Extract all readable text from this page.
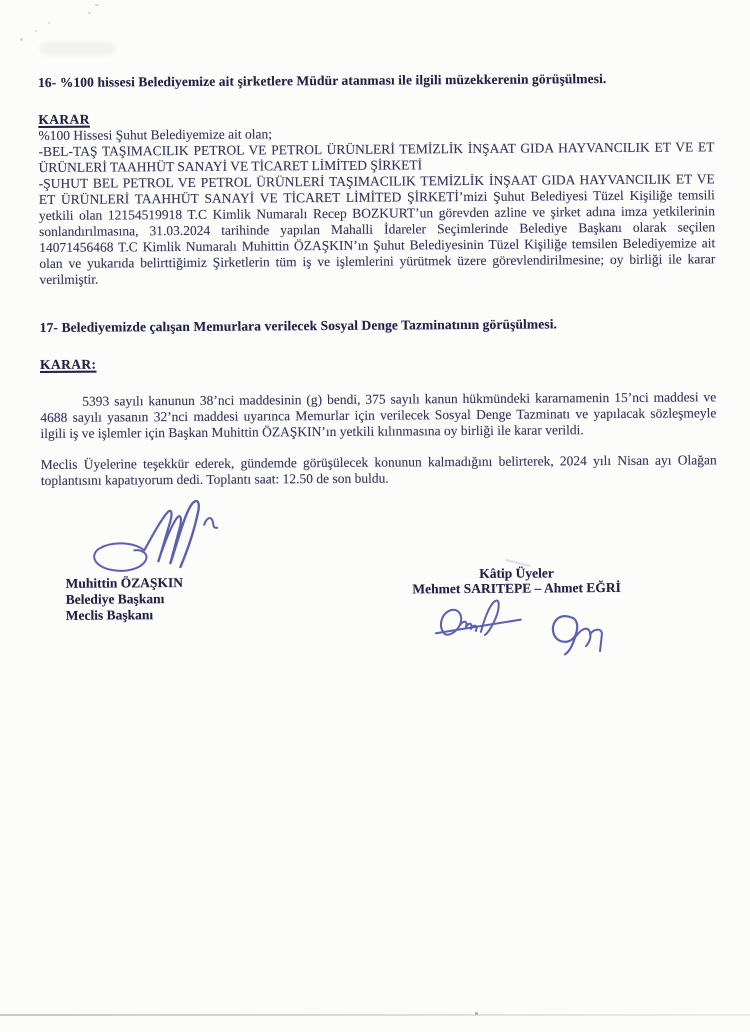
16- %100 hissesi Belediyemize ait şirketlere Müdür atanması ile ilgili müzekkerenin görüşülmesi.

KARAR

%100 Hissesi Şuhut Belediyemize ait olan;

-BEL-TAŞ TAŞIMACILIK PETROL VE PETROL ÜRÜNLERİ TEMİZLİK İNŞAAT GIDA HAYVANCILIK ET VE ET ÜRÜNLERİ TAAHHÜT SANAYİ VE TİCARET LİMİTED ŞİRKETİ

-ŞUHUT BEL PETROL VE PETROL ÜRÜNLERİ TAŞIMACILIK TEMİZLİK İNŞAAT GIDA HAYVANCILIK ET VE ET ÜRÜNLERİ TAAHHÜT SANAYİ VE TİCARET LİMİTED ŞİRKETİ’mizi Şuhut Belediyesi Tüzel Kişiliğe temsili yetkili olan 12154519918 T.C Kimlik Numaralı Recep BOZKURT’un görevden azline ve şirket adına imza yetkilerinin sonlandırılmasına, 31.03.2024 tarihinde yapılan Mahalli İdareler Seçimlerinde Belediye Başkanı olarak seçilen 14071456468 T.C Kimlik Numaralı Muhittin ÖZAŞKIN’ın Şuhut Belediyesinin Tüzel Kişiliğe temsilen Belediyemize ait olan ve yukarıda belirttiğimiz Şirketlerin tüm iş ve işlemlerini yürütmek üzere görevlendirilmesine; oy birliği ile karar verilmiştir.

17- Belediyemizde çalışan Memurlara verilecek Sosyal Denge Tazminatının görüşülmesi.

KARAR:

5393 sayılı kanunun 38’nci maddesinin (g) bendi, 375 sayılı kanun hükmündeki kararnamenin 15’nci maddesi ve 4688 sayılı yasanın 32’nci maddesi uyarınca Memurlar için verilecek Sosyal Denge Tazminatı ve yapılacak sözleşmeyle ilgili iş ve işlemler için Başkan Muhittin ÖZAŞKIN’ın yetkili kılınmasına oy birliği ile karar verildi.

Meclis Üyelerine teşekkür ederek, gündemde görüşülecek konunun kalmadığını belirterek, 2024 yılı Nisan ayı Olağan toplantısını kapatıyorum dedi. Toplantı saat: 12.50 de son buldu.

Muhittin ÖZAŞKIN
Belediye Başkanı
Meclis Başkanı
Kâtip Üyeler
Mehmet SARITEPE – Ahmet EĞRİ
